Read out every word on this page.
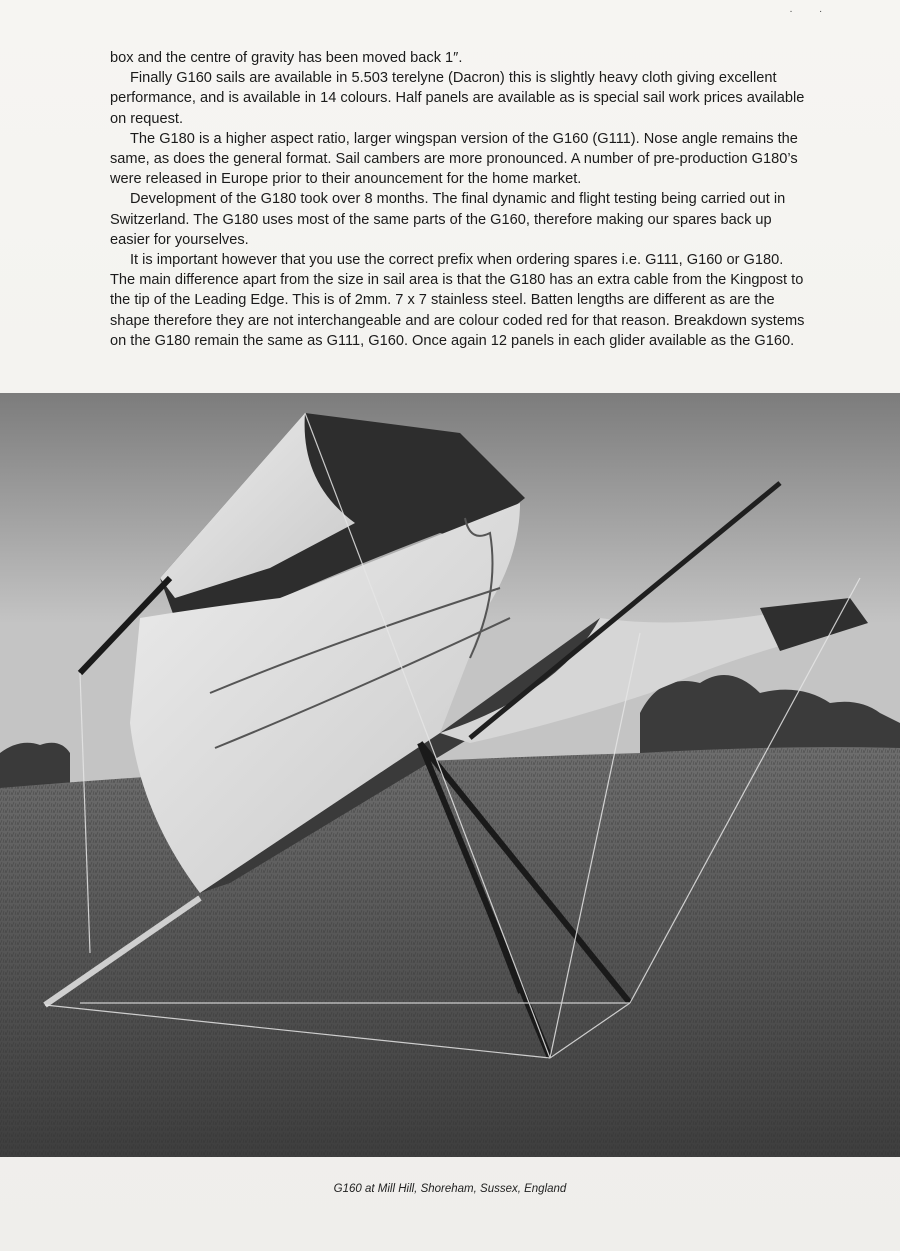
. .

box and the centre of gravity has been moved back 1″.

Finally G160 sails are available in 5.503 terelyne (Dacron) this is slightly heavy cloth giving excellent performance, and is available in 14 colours. Half panels are available as is special sail work prices available on request.

The G180 is a higher aspect ratio, larger wingspan version of the G160 (G111). Nose angle remains the same, as does the general format. Sail cambers are more pronounced. A number of pre-production G180’s were released in Europe prior to their anouncement for the home market.

Development of the G180 took over 8 months. The final dynamic and flight testing being carried out in Switzerland. The G180 uses most of the same parts of the G160, therefore making our spares back up easier for yourselves.

It is important however that you use the correct prefix when ordering spares i.e. G111, G160 or G180. The main difference apart from the size in sail area is that the G180 has an extra cable from the Kingpost to the tip of the Leading Edge. This is of 2mm. 7 x 7 stainless steel. Batten lengths are different as are the shape therefore they are not interchangeable and are colour coded red for that reason. Breakdown systems on the G180 remain the same as G111, G160. Once again 12 panels in each glider available as the G160.

G160 at Mill Hill, Shoreham, Sussex, England
